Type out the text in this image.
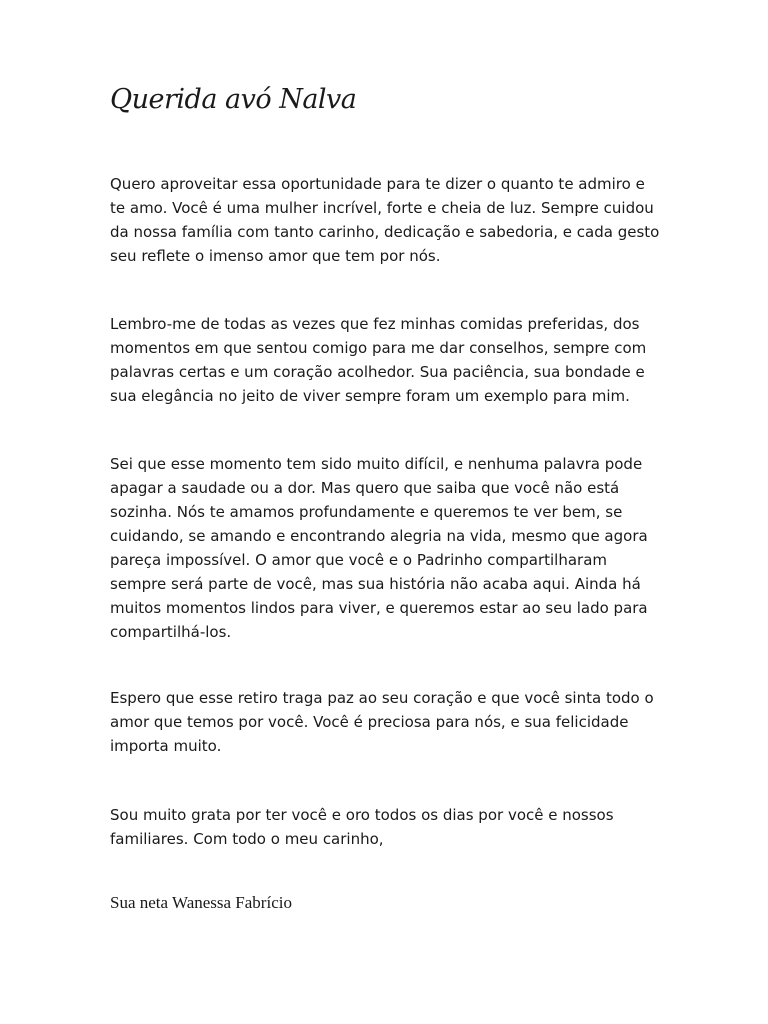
Querida avó Nalva

Quero aproveitar essa oportunidade para te dizer o quanto te admiro e te amo. Você é uma mulher incrível, forte e cheia de luz. Sempre cuidou da nossa família com tanto carinho, dedicação e sabedoria, e cada gesto seu reflete o imenso amor que tem por nós.

Lembro-me de todas as vezes que fez minhas comidas preferidas, dos momentos em que sentou comigo para me dar conselhos, sempre com palavras certas e um coração acolhedor. Sua paciência, sua bondade e sua elegância no jeito de viver sempre foram um exemplo para mim.

Sei que esse momento tem sido muito difícil, e nenhuma palavra pode apagar a saudade ou a dor. Mas quero que saiba que você não está sozinha. Nós te amamos profundamente e queremos te ver bem, se cuidando, se amando e encontrando alegria na vida, mesmo que agora pareça impossível. O amor que você e o Padrinho compartilharam sempre será parte de você, mas sua história não acaba aqui. Ainda há muitos momentos lindos para viver, e queremos estar ao seu lado para compartilhá-los.

Espero que esse retiro traga paz ao seu coração e que você sinta todo o amor que temos por você. Você é preciosa para nós, e sua felicidade importa muito.

Sou muito grata por ter você e oro todos os dias por você e nossos familiares. Com todo o meu carinho,

Sua neta Wanessa Fabrício
